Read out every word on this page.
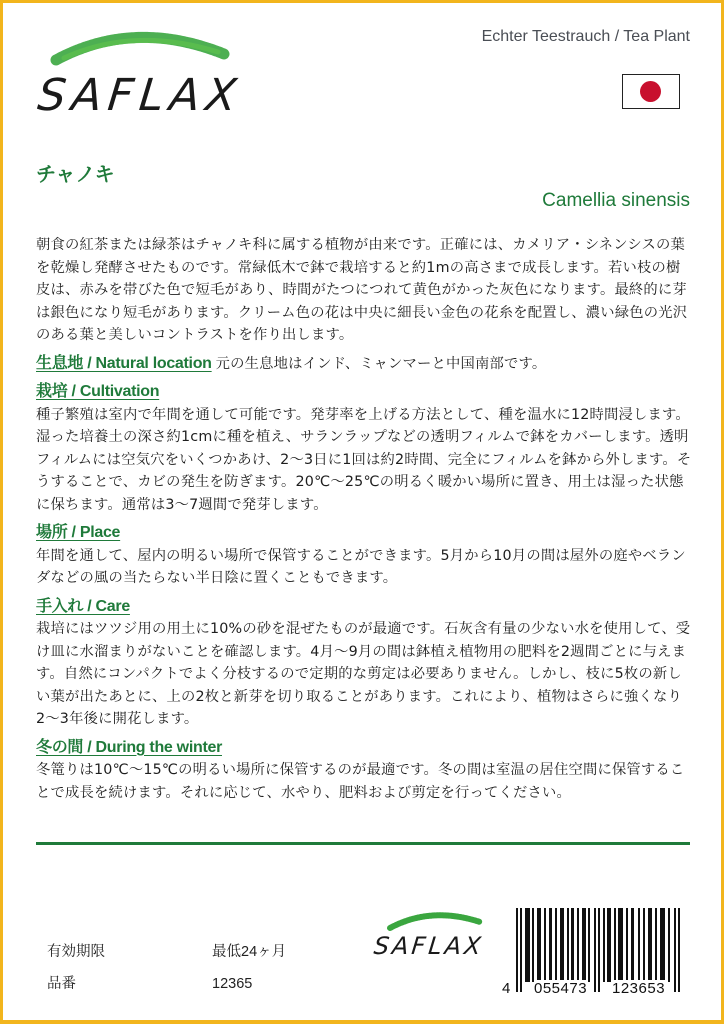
SAFLAX
Echter Teestrauch / Tea Plant
チャノキ
Camellia sinensis

朝食の紅茶または緑茶はチャノキ科に属する植物が由来です。正確には、カメリア・シネンシスの葉を乾燥し発酵させたものです。常緑低木で鉢で栽培すると約1mの高さまで成長します。若い枝の樹皮は、赤みを帯びた色で短毛があり、時間がたつにつれて黄色がかった灰色になります。最終的に芽は銀色になり短毛があります。クリーム色の花は中央に細長い金色の花糸を配置し、濃い緑色の光沢のある葉と美しいコントラストを作り出します。

生息地 / Natural location 元の生息地はインド、ミャンマーと中国南部です。

栽培 / Cultivation

種子繁殖は室内で年間を通して可能です。発芽率を上げる方法として、種を温水に12時間浸します。湿った培養土の深さ約1cmに種を植え、サランラップなどの透明フィルムで鉢をカバーします。透明フィルムには空気穴をいくつかあけ、2～3日に1回は約2時間、完全にフィルムを鉢から外します。そうすることで、カビの発生を防ぎます。20℃〜25℃の明るく暖かい場所に置き、用土は湿った状態に保ちます。通常は3～7週間で発芽します。

場所 / Place

年間を通して、屋内の明るい場所で保管することができます。5月から10月の間は屋外の庭やベランダなどの風の当たらない半日陰に置くこともできます。

手入れ / Care

栽培にはツツジ用の用土に10%の砂を混ぜたものが最適です。石灰含有量の少ない水を使用して、受け皿に水溜まりがないことを確認します。4月～9月の間は鉢植え植物用の肥料を2週間ごとに与えます。自然にコンパクトでよく分枝するので定期的な剪定は必要ありません。しかし、枝に5枚の新しい葉が出たあとに、上の2枚と新芽を切り取ることがあります。これにより、植物はさらに強くなり2〜3年後に開花します。

冬の間 / During the winter

冬篭りは10℃～15℃の明るい場所に保管するのが最適です。冬の間は室温の居住空間に保管することで成長を続けます。それに応じて、水やり、肥料および剪定を行ってください。

有効期限	最低24ヶ月
品番	12365
SAFLAX
4 055473 123653
